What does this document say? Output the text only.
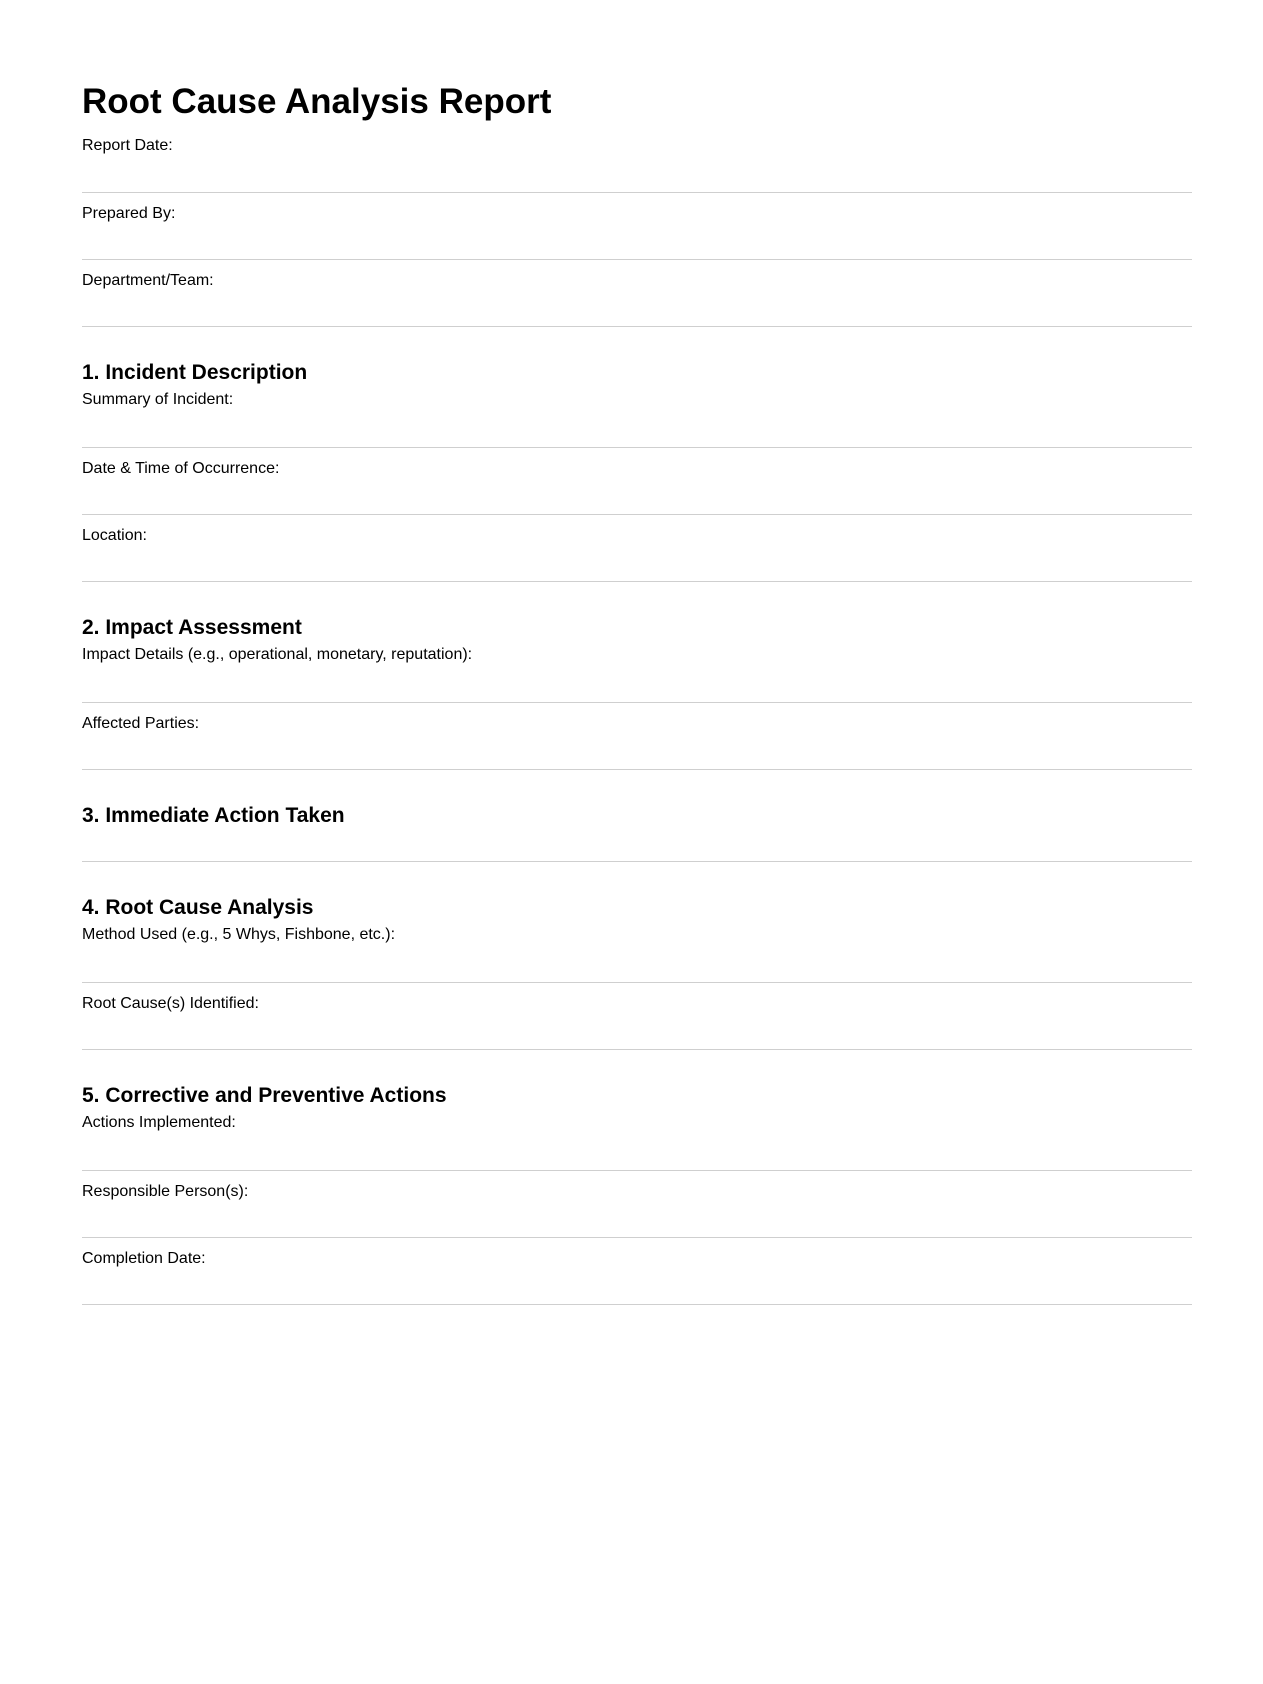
Root Cause Analysis Report
Report Date:
Prepared By:
Department/Team:
1. Incident Description
Summary of Incident:
Date & Time of Occurrence:
Location:
2. Impact Assessment
Impact Details (e.g., operational, monetary, reputation):
Affected Parties:
3. Immediate Action Taken
4. Root Cause Analysis
Method Used (e.g., 5 Whys, Fishbone, etc.):
Root Cause(s) Identified:
5. Corrective and Preventive Actions
Actions Implemented:
Responsible Person(s):
Completion Date:
